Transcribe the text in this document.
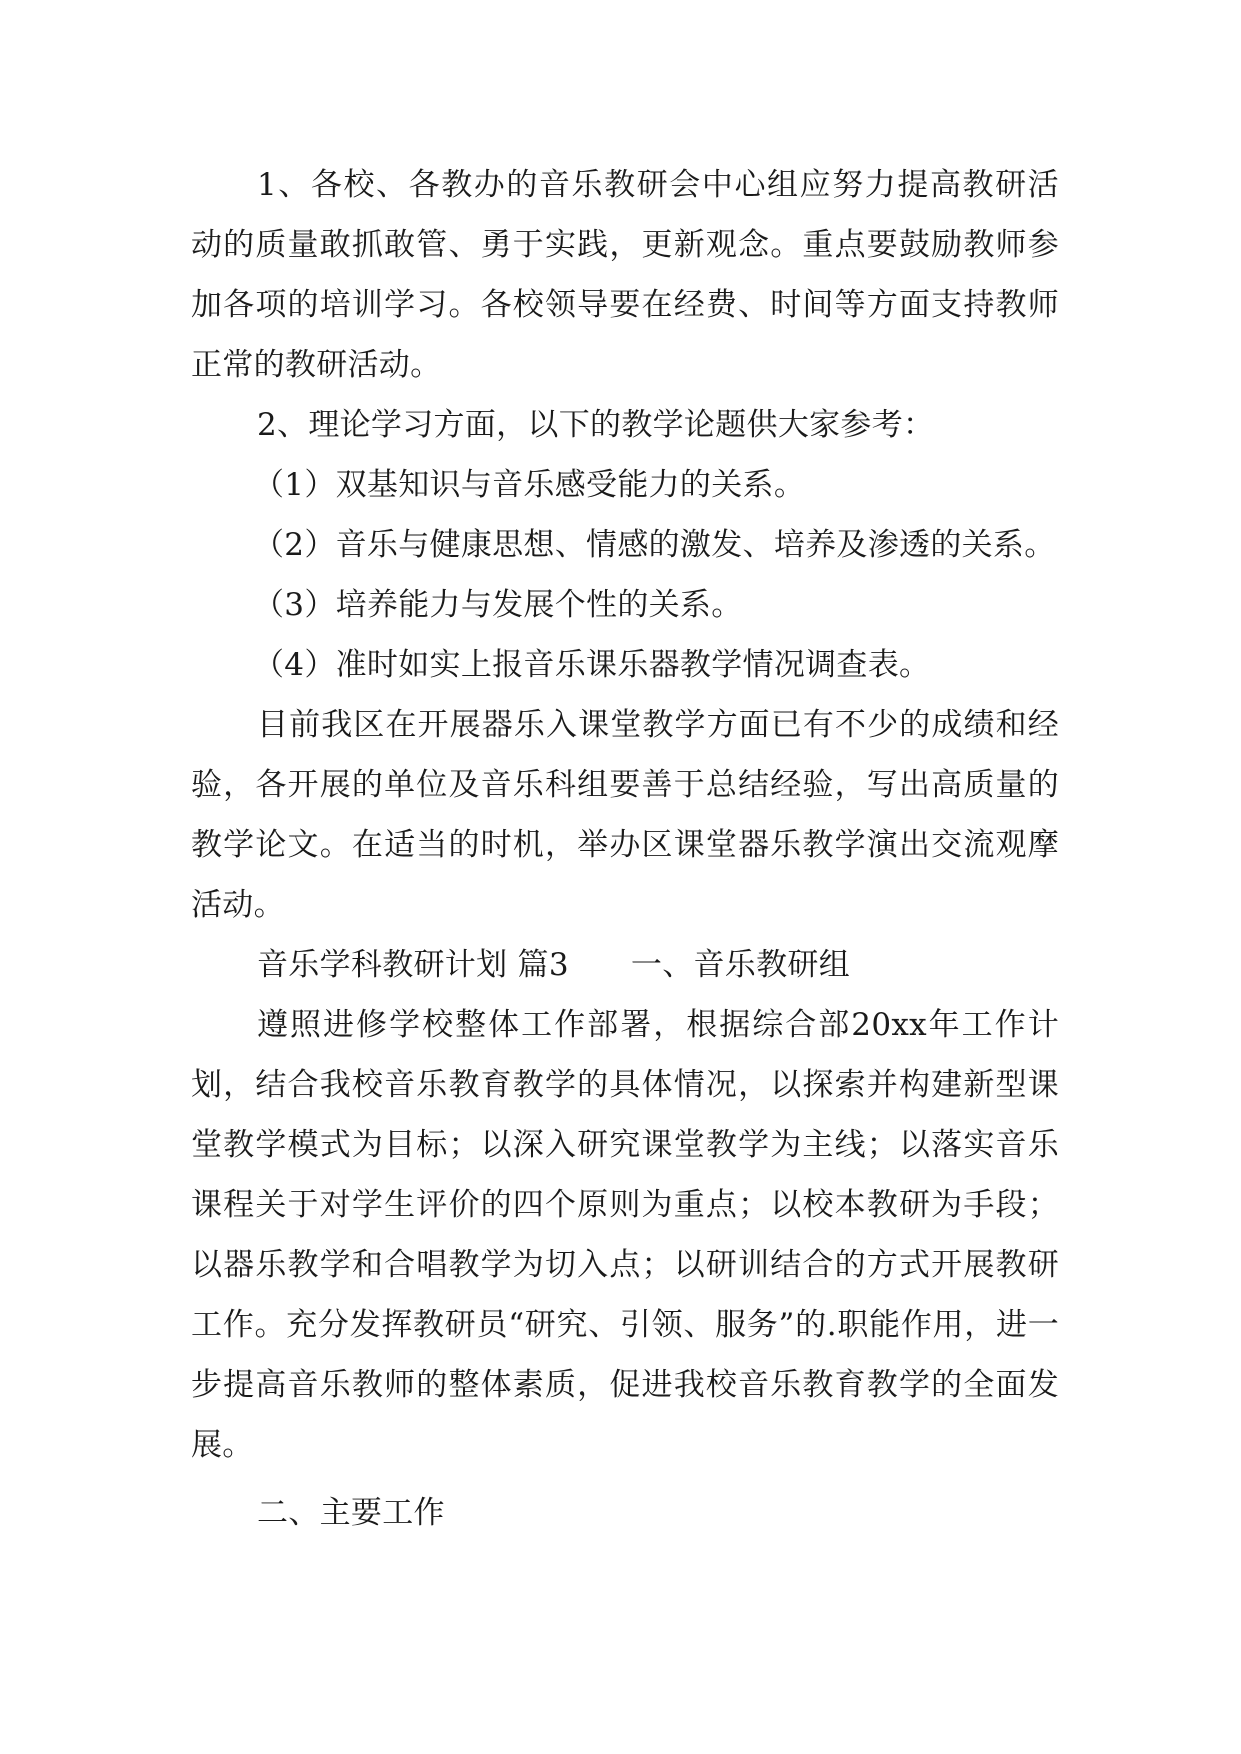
1、各校、各教办的音乐教研会中心组应努力提高教研活动的质量敢抓敢管、勇于实践，更新观念。重点要鼓励教师参加各项的培训学习。各校领导要在经费、时间等方面支持教师正常的教研活动。

2、理论学习方面，以下的教学论题供大家参考：

（1）双基知识与音乐感受能力的关系。

（2）音乐与健康思想、情感的激发、培养及渗透的关系。

（3）培养能力与发展个性的关系。

（4）准时如实上报音乐课乐器教学情况调查表。

目前我区在开展器乐入课堂教学方面已有不少的成绩和经验，各开展的单位及音乐科组要善于总结经验，写出高质量的教学论文。在适当的时机，举办区课堂器乐教学演出交流观摩活动。

音乐学科教研计划 篇3 一、音乐教研组

遵照进修学校整体工作部署，根据综合部20xx年工作计划，结合我校音乐教育教学的具体情况，以探索并构建新型课堂教学模式为目标；以深入研究课堂教学为主线；以落实音乐课程关于对学生评价的四个原则为重点；以校本教研为手段；以器乐教学和合唱教学为切入点；以研训结合的方式开展教研工作。充分发挥教研员“研究、引领、服务”的.职能作用，进一步提高音乐教师的整体素质，促进我校音乐教育教学的全面发展。

二、主要工作
